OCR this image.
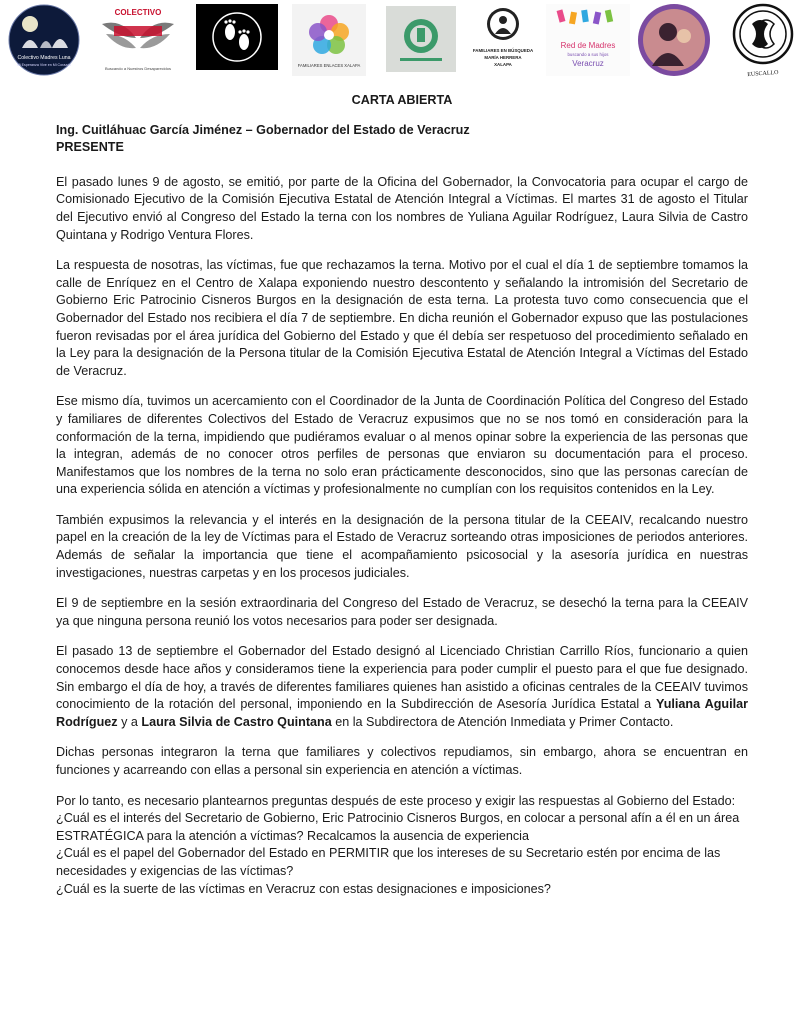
Colectivo Madres Luna
Mi Esperanza Vive en Mi Corazón
COLECTIVO
Buscando a Nuestros Desaparecidos
FAMILIARES ENLACES XALAPA
FAMILIARES EN BÚSQUEDA
MARÍA HERRERA
XALAPA
Red de Madres
buscando a sus hijos
Veracruz
EUSCALLO
CARTA ABIERTA
Ing. Cuitláhuac García Jiménez – Gobernador del Estado de Veracruz
PRESENTE

El pasado lunes 9 de agosto, se emitió, por parte de la Oficina del Gobernador, la Convocatoria para ocupar el cargo de Comisionado Ejecutivo de la Comisión Ejecutiva Estatal de Atención Integral a Víctimas. El martes 31 de agosto el Titular del Ejecutivo envió al Congreso del Estado la terna con los nombres de Yuliana Aguilar Rodríguez, Laura Silvia de Castro Quintana y Rodrigo Ventura Flores.

La respuesta de nosotras, las víctimas, fue que rechazamos la terna. Motivo por el cual el día 1 de septiembre tomamos la calle de Enríquez en el Centro de Xalapa exponiendo nuestro descontento y señalando la intromisión del Secretario de Gobierno Eric Patrocinio Cisneros Burgos en la designación de esta terna. La protesta tuvo como consecuencia que el Gobernador del Estado nos recibiera el día 7 de septiembre. En dicha reunión el Gobernador expuso que las postulaciones fueron revisadas por el área jurídica del Gobierno del Estado y que él debía ser respetuoso del procedimiento señalado en la Ley para la designación de la Persona titular de la Comisión Ejecutiva Estatal de Atención Integral a Víctimas del Estado de Veracruz.

Ese mismo día, tuvimos un acercamiento con el Coordinador de la Junta de Coordinación Política del Congreso del Estado y familiares de diferentes Colectivos del Estado de Veracruz expusimos que no se nos tomó en consideración para la conformación de la terna, impidiendo que pudiéramos evaluar o al menos opinar sobre la experiencia de las personas que la integran, además de no conocer otros perfiles de personas que enviaron su documentación para el proceso. Manifestamos que los nombres de la terna no solo eran prácticamente desconocidos, sino que las personas carecían de una experiencia sólida en atención a víctimas y profesionalmente no cumplían con los requisitos contenidos en la Ley.

También expusimos la relevancia y el interés en la designación de la persona titular de la CEEAIV, recalcando nuestro papel en la creación de la ley de Víctimas para el Estado de Veracruz sorteando otras imposiciones de periodos anteriores. Además de señalar la importancia que tiene el acompañamiento psicosocial y la asesoría jurídica en nuestras investigaciones, nuestras carpetas y en los procesos judiciales.

El 9 de septiembre en la sesión extraordinaria del Congreso del Estado de Veracruz, se desechó la terna para la CEEAIV ya que ninguna persona reunió los votos necesarios para poder ser designada.

El pasado 13 de septiembre el Gobernador del Estado designó al Licenciado Christian Carrillo Ríos, funcionario a quien conocemos desde hace años y consideramos tiene la experiencia para poder cumplir el puesto para el que fue designado. Sin embargo el día de hoy, a través de diferentes familiares quienes han asistido a oficinas centrales de la CEEAIV tuvimos conocimiento de la rotación del personal, imponiendo en la Subdirección de Asesoría Jurídica Estatal a Yuliana Aguilar Rodríguez y a Laura Silvia de Castro Quintana en la Subdirectora de Atención Inmediata y Primer Contacto.

Dichas personas integraron la terna que familiares y colectivos repudiamos, sin embargo, ahora se encuentran en funciones y acarreando con ellas a personal sin experiencia en atención a víctimas.

Por lo tanto, es necesario plantearnos preguntas después de este proceso y exigir las respuestas al Gobierno del Estado:
¿Cuál es el interés del Secretario de Gobierno, Eric Patrocinio Cisneros Burgos, en colocar a personal afín a él en un área ESTRATÉGICA para la atención a víctimas? Recalcamos la ausencia de experiencia
¿Cuál es el papel del Gobernador del Estado en PERMITIR que los intereses de su Secretario estén por encima de las necesidades y exigencias de las víctimas?
¿Cuál es la suerte de las víctimas en Veracruz con estas designaciones e imposiciones?
